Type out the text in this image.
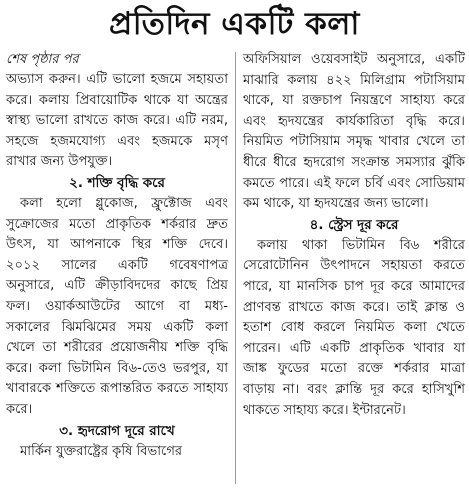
প্রতিদিন একটি কলা

শেষ পৃষ্ঠার পর

অভ্যাস করুন। এটি ভালো হজমে সহায়তা করে। কলায় প্রিবায়োটিক থাকে যা অন্ত্রের স্বাস্থ্য ভালো রাখতে কাজ করে। এটি নরম, সহজে হজমযোগ্য এবং হজমকে মসৃণ রাখার জন্য উপযুক্ত।

২. শক্তি বৃদ্ধি করে

কলা হলো গ্লুকোজ, ফ্রুক্টোজ এবং সুক্রোজের মতো প্রাকৃতিক শর্করার দ্রুত উৎস, যা আপনাকে স্থির শক্তি দেবে। ২০১২ সালের একটি গবেষণাপত্র অনুসারে, এটি ক্রীড়াবিদদের কাছে প্রিয় ফল। ওয়ার্কআউটের আগে বা মধ্য-সকালের ঝিমঝিমের সময় একটি কলা খেলে তা শরীরের প্রয়োজনীয় শক্তি বৃদ্ধি করে। কলা ভিটামিন বি৬-তেও ভরপুর, যা খাবারকে শক্তিতে রূপান্তরিত করতে সাহায্য করে।

৩. হৃদরোগ দূরে রাখে

মার্কিন যুক্তরাষ্ট্রের কৃষি বিভাগের

অফিসিয়াল ওয়েবসাইট অনুসারে, একটি মাঝারি কলায় ৪২২ মিলিগ্রাম পটাসিয়াম থাকে, যা রক্তচাপ নিয়ন্ত্রণে সাহায্য করে এবং হৃদযন্ত্রের কার্যকারিতা বৃদ্ধি করে। নিয়মিত পটাসিয়াম সমৃদ্ধ খাবার খেলে তা ধীরে ধীরে হৃদরোগ সংক্রান্ত সমস্যার ঝুঁকি কমতে পারে। এই ফলে চর্বি এবং সোডিয়াম কম থাকে, যা হৃদযন্ত্রের জন্য ভালো।

৪. স্ট্রেস দূর করে

কলায় থাকা ভিটামিন বি৬ শরীরে সেরোটোনিন উৎপাদনে সহায়তা করতে পারে, যা মানসিক চাপ দূর করে আমাদের প্রাণবন্ত রাখতে কাজ করে। তাই ক্লান্ত ও হতাশ বোধ করলে নিয়মিত কলা খেতে পারেন। এটি একটি প্রাকৃতিক খাবার যা জাঙ্ক ফুডের মতো রক্তে শর্করার মাত্রা বাড়ায় না। বরং ক্লান্তি দূর করে হাসিখুশি থাকতে সাহায্য করে। ইন্টারনেট।
